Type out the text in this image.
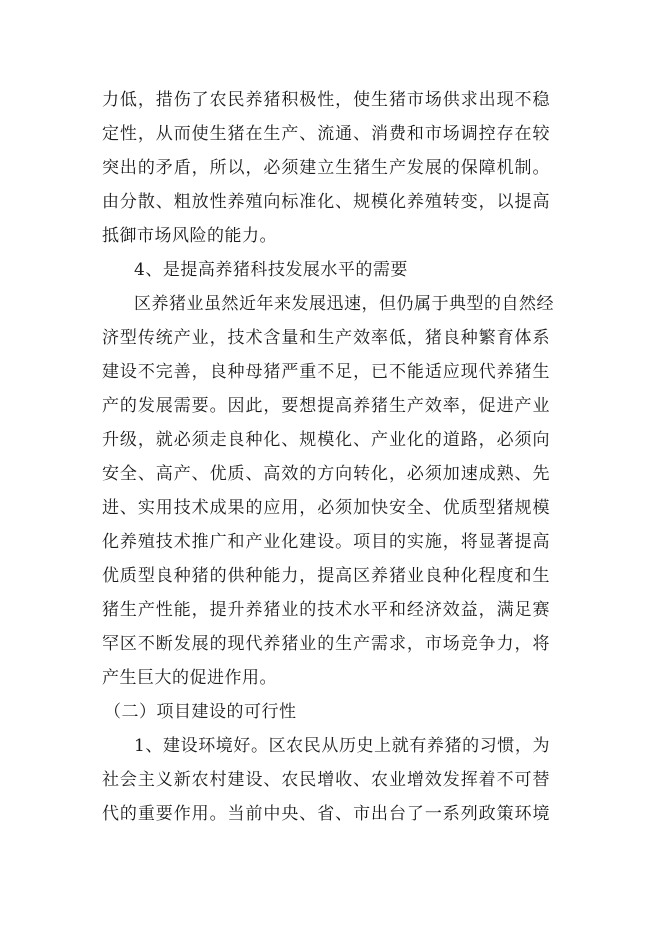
力低，措伤了农民养猪积极性，使生猪市场供求出现不稳
定性，从而使生猪在生产、流通、消费和市场调控存在较
突出的矛盾，所以，必须建立生猪生产发展的保障机制。
由分散、粗放性养殖向标准化、规模化养殖转变，以提高
抵御市场风险的能力。
4、是提高养猪科技发展水平的需要
区养猪业虽然近年来发展迅速，但仍属于典型的自然经
济型传统产业，技术含量和生产效率低，猪良种繁育体系
建设不完善，良种母猪严重不足，已不能适应现代养猪生
产的发展需要。因此，要想提高养猪生产效率，促进产业
升级，就必须走良种化、规模化、产业化的道路，必须向
安全、高产、优质、高效的方向转化，必须加速成熟、先
进、实用技术成果的应用，必须加快安全、优质型猪规模
化养殖技术推广和产业化建设。项目的实施，将显著提高
优质型良种猪的供种能力，提高区养猪业良种化程度和生
猪生产性能，提升养猪业的技术水平和经济效益，满足赛
罕区不断发展的现代养猪业的生产需求，市场竞争力，将
产生巨大的促进作用。
（二）项目建设的可行性
1、建设环境好。区农民从历史上就有养猪的习惯，为
社会主义新农村建设、农民增收、农业增效发挥着不可替
代的重要作用。当前中央、省、市出台了一系列政策环境
